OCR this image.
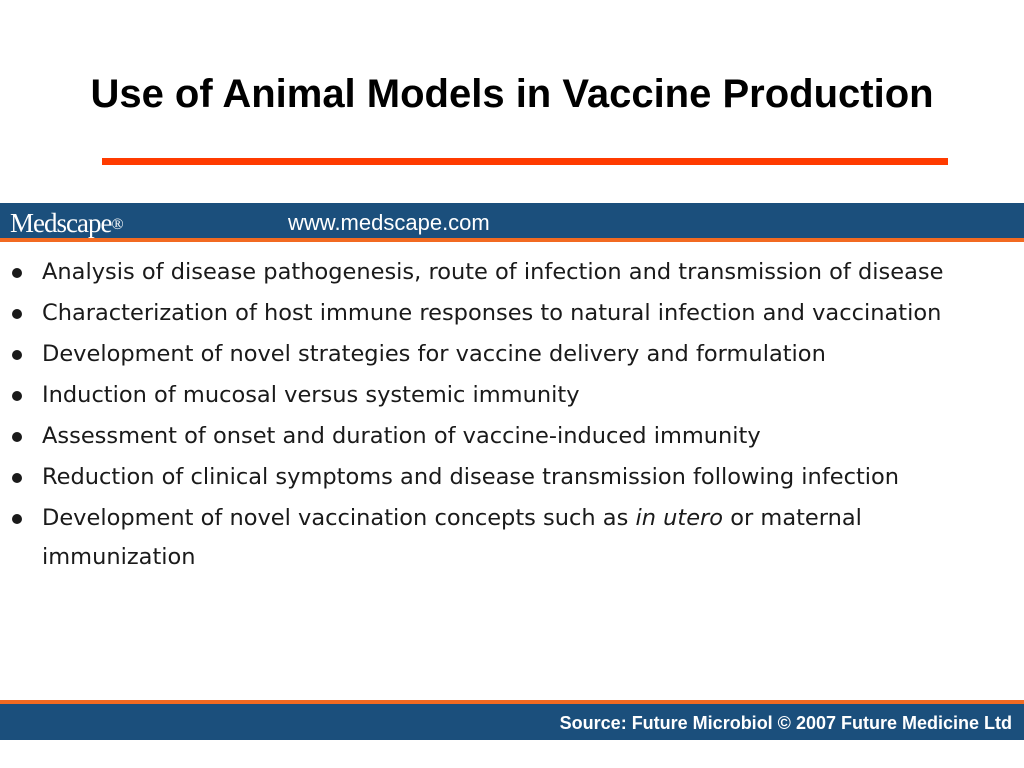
Use of Animal Models in Vaccine Production
Medscape®	www.medscape.com
Analysis of disease pathogenesis, route of infection and transmission of disease
Characterization of host immune responses to natural infection and vaccination
Development of novel strategies for vaccine delivery and formulation
Induction of mucosal versus systemic immunity
Assessment of onset and duration of vaccine-induced immunity
Reduction of clinical symptoms and disease transmission following infection
Development of novel vaccination concepts such as in utero or maternal immunization
Source: Future Microbiol © 2007 Future Medicine Ltd
